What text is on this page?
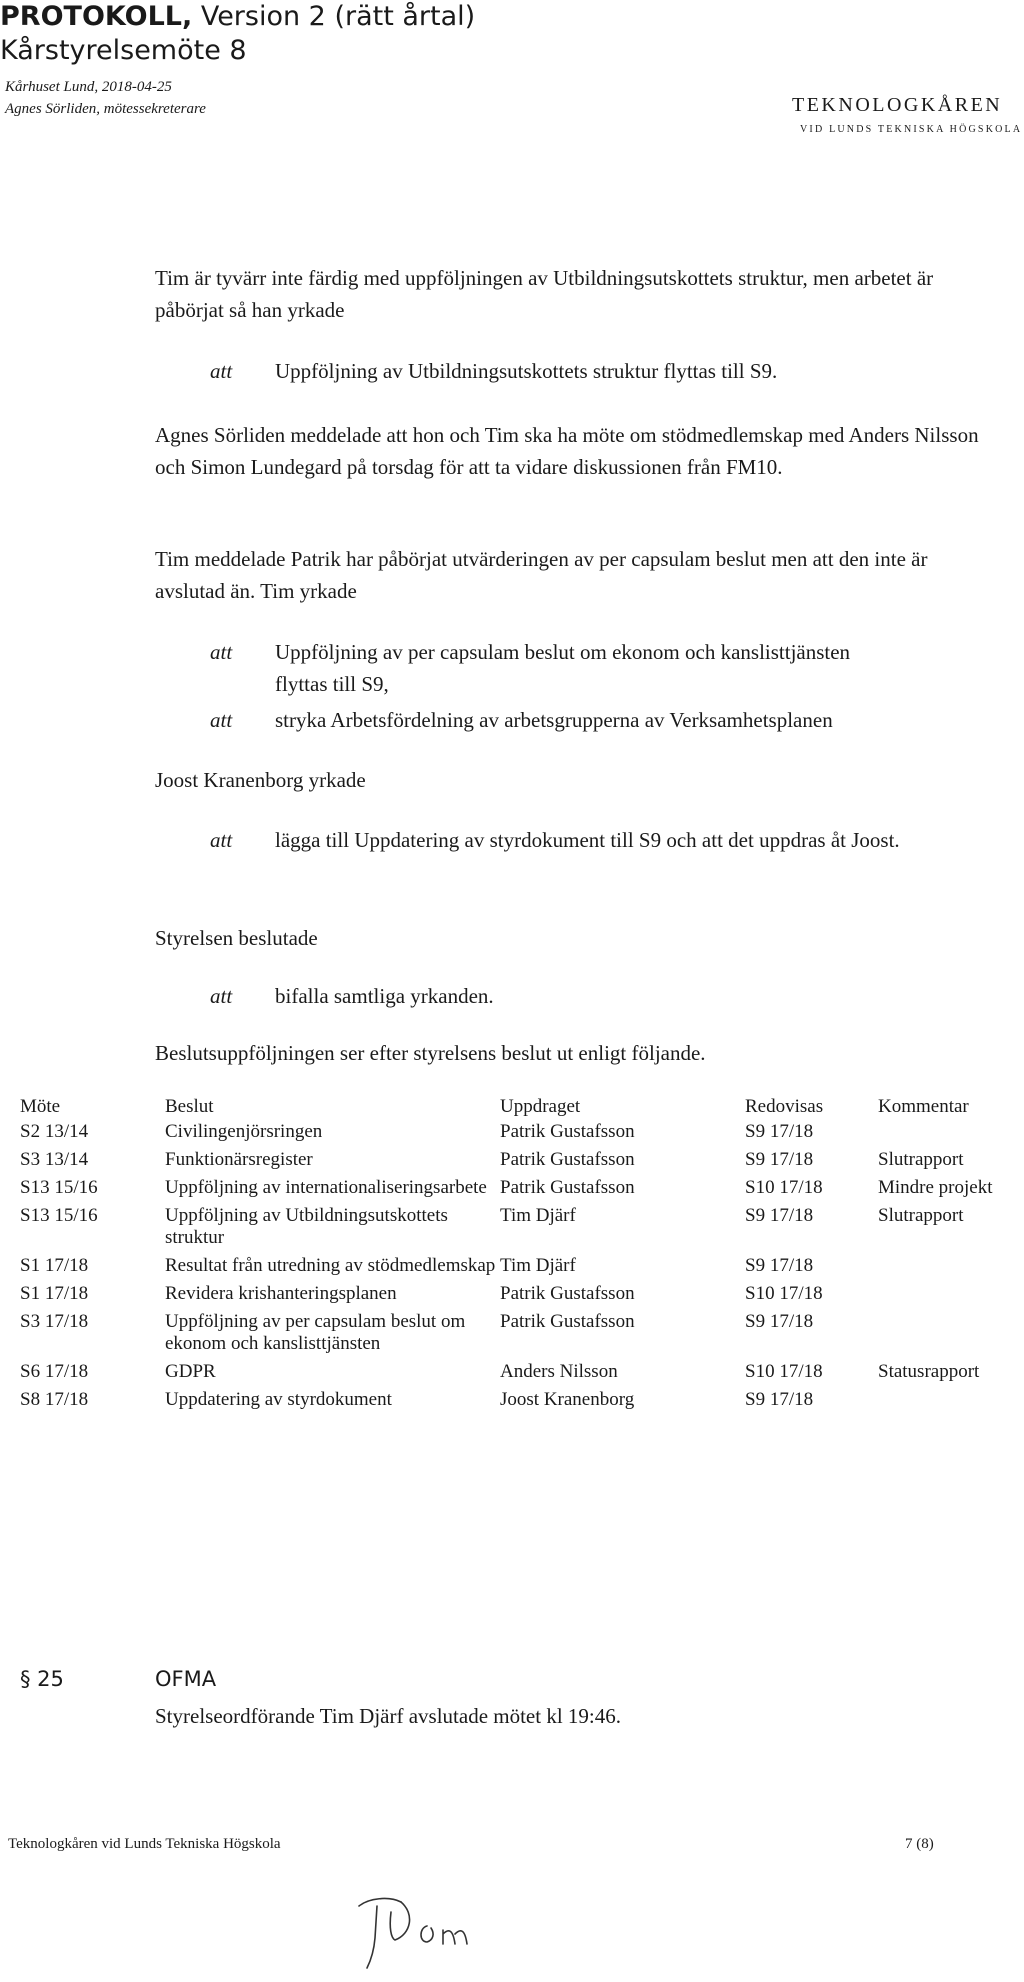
PROTOKOLL, Version 2 (rätt årtal)
Kårstyrelsemöte 8
Kårhuset Lund, 2018-04-25
Agnes Sörliden, mötessekreterare	TEKNOLOGKÅREN
VID LUNDS TEKNISKA HÖGSKOLA
Tim är tyvärr inte färdig med uppföljningen av Utbildningsutskottets struktur, men arbetet är påbörjat så han yrkade
att Uppföljning av Utbildningsutskottets struktur flyttas till S9.
Agnes Sörliden meddelade att hon och Tim ska ha möte om stödmedlemskap med Anders Nilsson och Simon Lundegard på torsdag för att ta vidare diskussionen från FM10.
Tim meddelade Patrik har påbörjat utvärderingen av per capsulam beslut men att den inte är avslutad än. Tim yrkade
att Uppföljning av per capsulam beslut om ekonom och kanslisttjänsten flyttas till S9,
att stryka Arbetsfördelning av arbetsgrupperna av Verksamhetsplanen
Joost Kranenborg yrkade
att lägga till Uppdatering av styrdokument till S9 och att det uppdras åt Joost.
Styrelsen beslutade
att bifalla samtliga yrkanden.
Beslutsuppföljningen ser efter styrelsens beslut ut enligt följande.
Möte	Beslut	Uppdraget	Redovisas	Kommentar
S2 13/14	Civilingenjörsringen	Patrik Gustafsson	S9 17/18	
S3 13/14	Funktionärsregister	Patrik Gustafsson	S9 17/18	Slutrapport
S13 15/16	Uppföljning av internationaliseringsarbete	Patrik Gustafsson	S10 17/18	Mindre projekt
S13 15/16	Uppföljning av Utbildningsutskottets struktur	Tim Djärf	S9 17/18	Slutrapport
S1 17/18	Resultat från utredning av stödmedlemskap	Tim Djärf	S9 17/18	
S1 17/18	Revidera krishanteringsplanen	Patrik Gustafsson	S10 17/18	
S3 17/18	Uppföljning av per capsulam beslut om ekonom och kanslisttjänsten	Patrik Gustafsson	S9 17/18	
S6 17/18	GDPR	Anders Nilsson	S10 17/18	Statusrapport
S8 17/18	Uppdatering av styrdokument	Joost Kranenborg	S9 17/18	
§ 25	OFMA
Styrelseordförande Tim Djärf avslutade mötet kl 19:46.
Teknologkåren vid Lunds Tekniska Högskola	7 (8)
